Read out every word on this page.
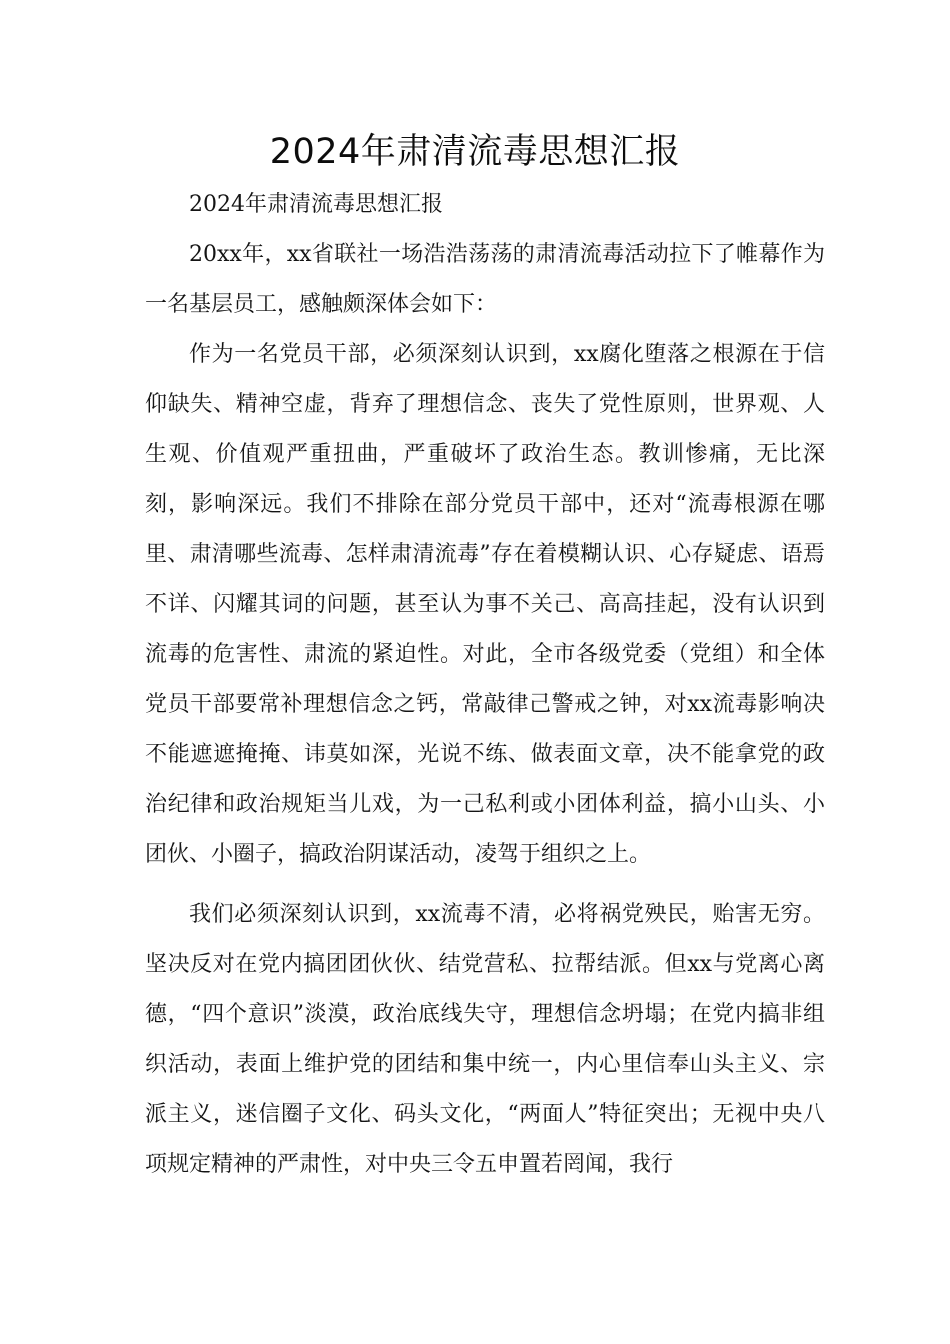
2024年肃清流毒思想汇报

2024年肃清流毒思想汇报

20xx年，xx省联社一场浩浩荡荡的肃清流毒活动拉下了帷幕作为一名基层员工，感触颇深体会如下：

作为一名党员干部，必须深刻认识到，xx腐化堕落之根源在于信仰缺失、精神空虚，背弃了理想信念、丧失了党性原则，世界观、人生观、价值观严重扭曲，严重破坏了政治生态。教训惨痛，无比深刻，影响深远。我们不排除在部分党员干部中，还对“流毒根源在哪里、肃清哪些流毒、怎样肃清流毒”存在着模糊认识、心存疑虑、语焉不详、闪耀其词的问题，甚至认为事不关己、高高挂起，没有认识到流毒的危害性、肃流的紧迫性。对此，全市各级党委（党组）和全体党员干部要常补理想信念之钙，常敲律己警戒之钟，对xx流毒影响决不能遮遮掩掩、讳莫如深，光说不练、做表面文章，决不能拿党的政治纪律和政治规矩当儿戏，为一己私利或小团体利益，搞小山头、小团伙、小圈子，搞政治阴谋活动，凌驾于组织之上。

我们必须深刻认识到，xx流毒不清，必将祸党殃民，贻害无穷。坚决反对在党内搞团团伙伙、结党营私、拉帮结派。但xx与党离心离德，“四个意识”淡漠，政治底线失守，理想信念坍塌；在党内搞非组织活动，表面上维护党的团结和集中统一，内心里信奉山头主义、宗派主义，迷信圈子文化、码头文化，“两面人”特征突出；无视中央八项规定精神的严肃性，对中央三令五申置若罔闻，我行
